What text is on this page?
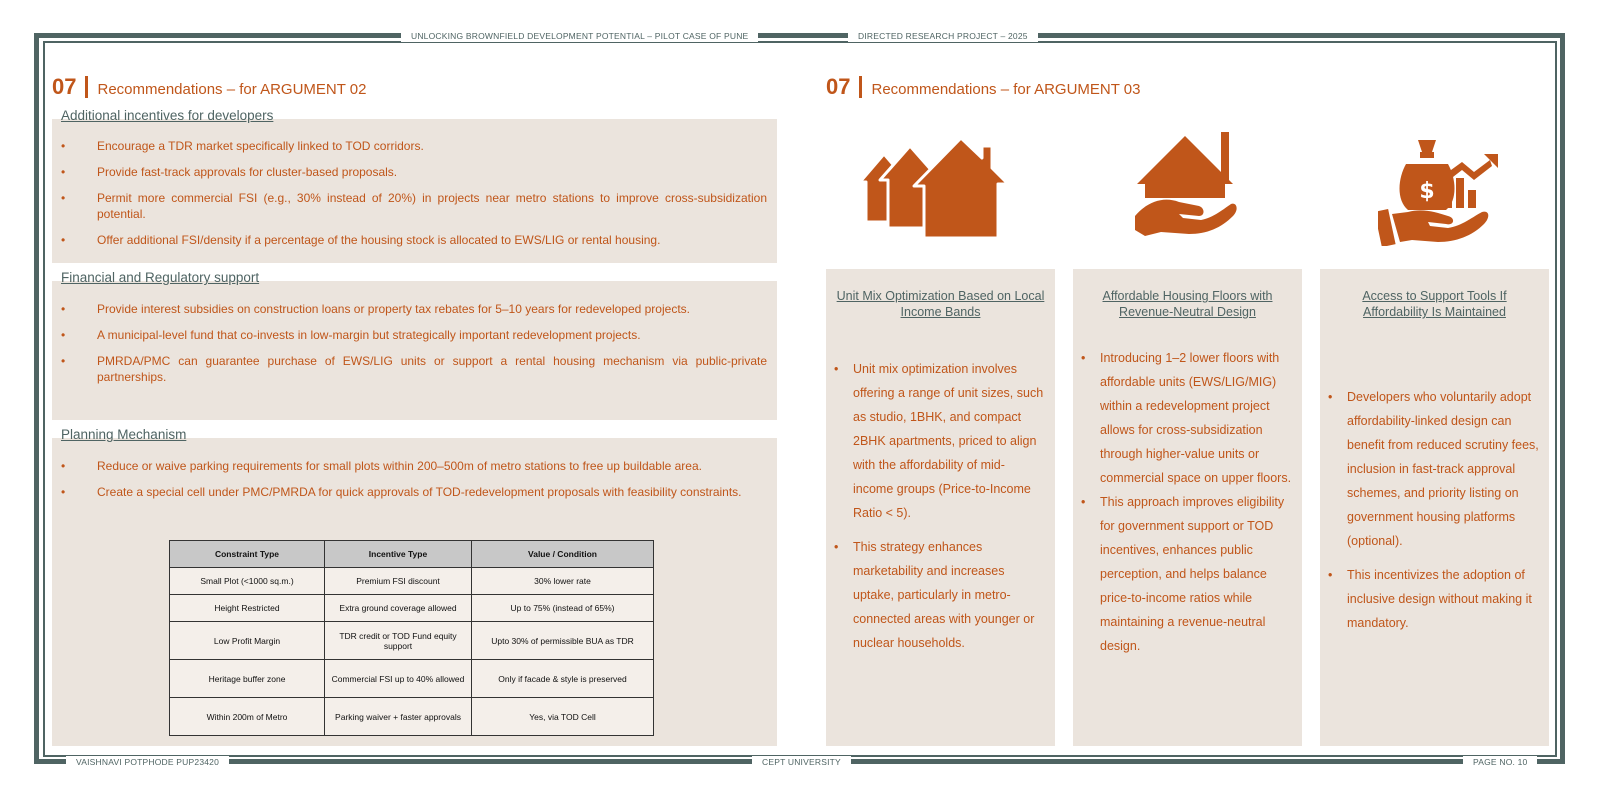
UNLOCKING BROWNFIELD DEVELOPMENT POTENTIAL – PILOT CASE OF PUNE	DIRECTED RESEARCH PROJECT – 2025
VAISHNAVI POTPHODE PUP23420	CEPT UNIVERSITY	PAGE NO. 10
07 Recommendations – for ARGUMENT 02
• Encourage a TDR market specifically linked to TOD corridors.
• Provide fast-track approvals for cluster-based proposals.
• Permit more commercial FSI (e.g., 30% instead of 20%) in projects near metro stations to improve cross-subsidization potential.
• Offer additional FSI/density if a percentage of the housing stock is allocated to EWS/LIG or rental housing.
Additional incentives for developers
• Provide interest subsidies on construction loans or property tax rebates for 5–10 years for redeveloped projects.
• A municipal-level fund that co-invests in low-margin but strategically important redevelopment projects.
• PMRDA/PMC can guarantee purchase of EWS/LIG units or support a rental housing mechanism via public-private partnerships.
Financial and Regulatory support
• Reduce or waive parking requirements for small plots within 200–500m of metro stations to free up buildable area.
• Create a special cell under PMC/PMRDA for quick approvals of TOD-redevelopment proposals with feasibility constraints.
Planning Mechanism
Constraint Type	Incentive Type	Value / Condition
Small Plot (<1000 sq.m.)	Premium FSI discount	30% lower rate
Height Restricted	Extra ground coverage allowed	Up to 75% (instead of 65%)
Low Profit Margin	TDR credit or TOD Fund equity support	Upto 30% of permissible BUA as TDR
Heritage buffer zone	Commercial FSI up to 40% allowed	Only if facade & style is preserved
Within 200m of Metro	Parking waiver + faster approvals	Yes, via TOD Cell
07 Recommendations – for ARGUMENT 03
$
Unit Mix Optimization Based on Local Income Bands
• Unit mix optimization involves offering a range of unit sizes, such as studio, 1BHK, and compact 2BHK apartments, priced to align with the affordability of mid-income groups (Price-to-Income Ratio < 5).
• This strategy enhances marketability and increases uptake, particularly in metro-connected areas with younger or nuclear households.
Affordable Housing Floors with Revenue-Neutral Design
• Introducing 1–2 lower floors with affordable units (EWS/LIG/MIG) within a redevelopment project allows for cross-subsidization through higher-value units or commercial space on upper floors.
• This approach improves eligibility for government support or TOD incentives, enhances public perception, and helps balance price-to-income ratios while maintaining a revenue-neutral design.
Access to Support Tools If Affordability Is Maintained
• Developers who voluntarily adopt affordability-linked design can benefit from reduced scrutiny fees, inclusion in fast-track approval schemes, and priority listing on government housing platforms (optional).
• This incentivizes the adoption of inclusive design without making it mandatory.
